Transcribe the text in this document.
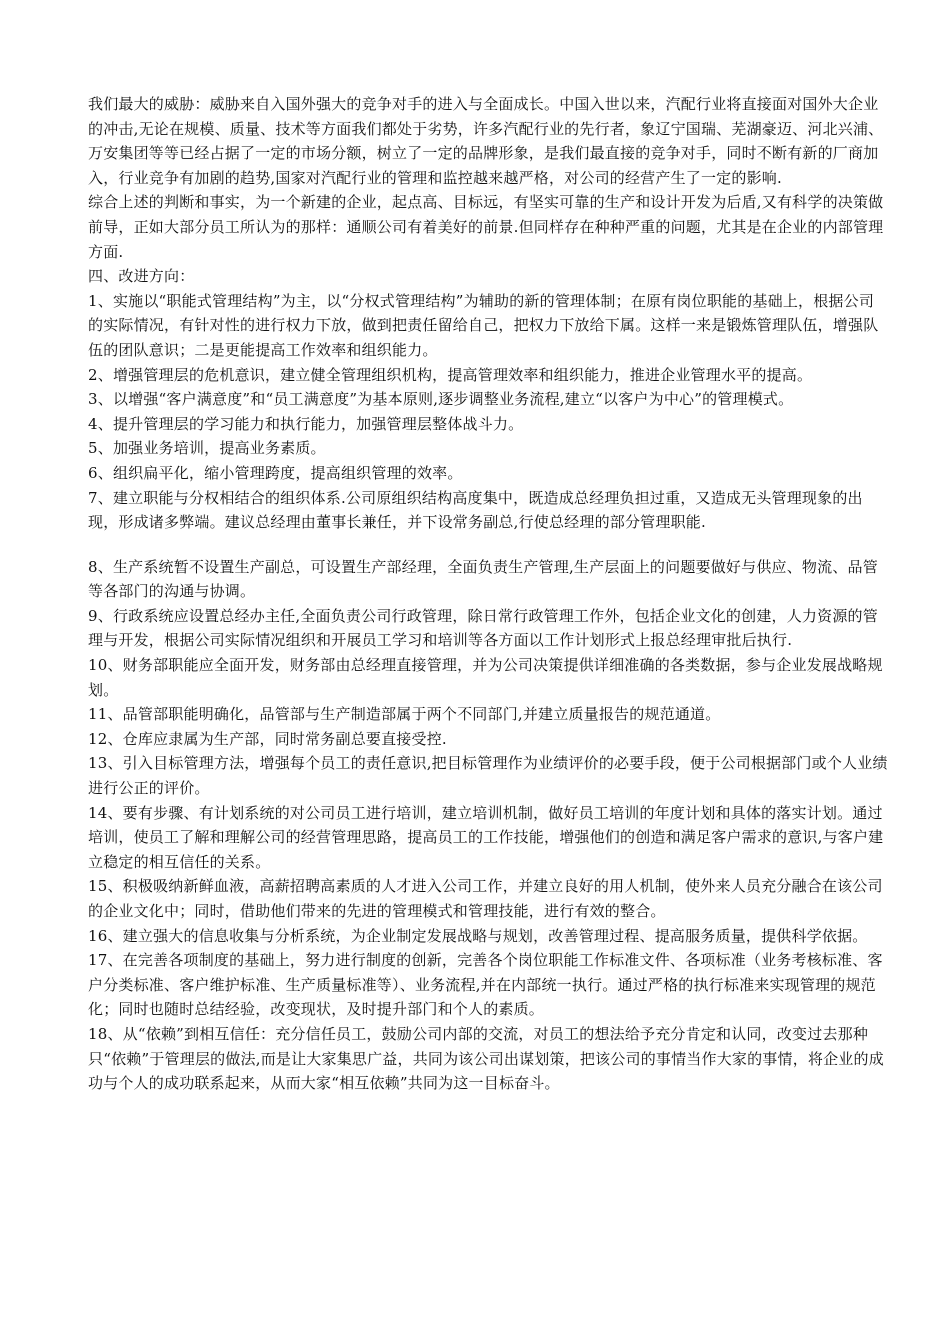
我们最大的威胁：威胁来自入国外强大的竞争对手的进入与全面成长。中国入世以来，汽配行业将直接面对国外大企业的冲击,无论在规模、质量、技术等方面我们都处于劣势，许多汽配行业的先行者，象辽宁国瑞、芜湖豪迈、河北兴浦、万安集团等等已经占据了一定的市场分额，树立了一定的品牌形象，是我们最直接的竞争对手，同时不断有新的厂商加入，行业竞争有加剧的趋势,国家对汽配行业的管理和监控越来越严格，对公司的经营产生了一定的影响.

综合上述的判断和事实，为一个新建的企业，起点高、目标远，有坚实可靠的生产和设计开发为后盾,又有科学的决策做前导，正如大部分员工所认为的那样：通顺公司有着美好的前景.但同样存在种种严重的问题，尤其是在企业的内部管理方面.

四、改进方向：

1、实施以“职能式管理结构”为主，以“分权式管理结构”为辅助的新的管理体制；在原有岗位职能的基础上，根据公司的实际情况，有针对性的进行权力下放，做到把责任留给自己，把权力下放给下属。这样一来是锻炼管理队伍，增强队伍的团队意识；二是更能提高工作效率和组织能力。

2、增强管理层的危机意识，建立健全管理组织机构，提高管理效率和组织能力，推进企业管理水平的提高。

3、以增强“客户满意度”和“员工满意度”为基本原则,逐步调整业务流程,建立“以客户为中心”的管理模式。

4、提升管理层的学习能力和执行能力，加强管理层整体战斗力。

5、加强业务培训，提高业务素质。

6、组织扁平化，缩小管理跨度，提高组织管理的效率。

7、建立职能与分权相结合的组织体系.公司原组织结构高度集中，既造成总经理负担过重，又造成无头管理现象的出现，形成诸多弊端。建议总经理由董事长兼任，并下设常务副总,行使总经理的部分管理职能.

8、生产系统暂不设置生产副总，可设置生产部经理，全面负责生产管理,生产层面上的问题要做好与供应、物流、品管等各部门的沟通与协调。

9、行政系统应设置总经办主任,全面负责公司行政管理，除日常行政管理工作外，包括企业文化的创建，人力资源的管理与开发，根据公司实际情况组织和开展员工学习和培训等各方面以工作计划形式上报总经理审批后执行.

10、财务部职能应全面开发，财务部由总经理直接管理，并为公司决策提供详细准确的各类数据，参与企业发展战略规划。

11、品管部职能明确化，品管部与生产制造部属于两个不同部门,并建立质量报告的规范通道。

12、仓库应隶属为生产部，同时常务副总要直接受控.

13、引入目标管理方法，增强每个员工的责任意识,把目标管理作为业绩评价的必要手段，便于公司根据部门或个人业绩进行公正的评价。

14、要有步骤、有计划系统的对公司员工进行培训，建立培训机制，做好员工培训的年度计划和具体的落实计划。通过培训，使员工了解和理解公司的经营管理思路，提高员工的工作技能，增强他们的创造和满足客户需求的意识,与客户建立稳定的相互信任的关系。

15、积极吸纳新鲜血液，高薪招聘高素质的人才进入公司工作，并建立良好的用人机制，使外来人员充分融合在该公司的企业文化中；同时，借助他们带来的先进的管理模式和管理技能，进行有效的整合。

16、建立强大的信息收集与分析系统，为企业制定发展战略与规划，改善管理过程、提高服务质量，提供科学依据。

17、在完善各项制度的基础上，努力进行制度的创新，完善各个岗位职能工作标准文件、各项标准（业务考核标准、客户分类标准、客户维护标准、生产质量标准等）、业务流程,并在内部统一执行。通过严格的执行标准来实现管理的规范化；同时也随时总结经验，改变现状，及时提升部门和个人的素质。

18、从“依赖”到相互信任：充分信任员工，鼓励公司内部的交流，对员工的想法给予充分肯定和认同，改变过去那种只“依赖”于管理层的做法,而是让大家集思广益，共同为该公司出谋划策，把该公司的事情当作大家的事情，将企业的成功与个人的成功联系起来，从而大家“相互依赖”共同为这一目标奋斗。
